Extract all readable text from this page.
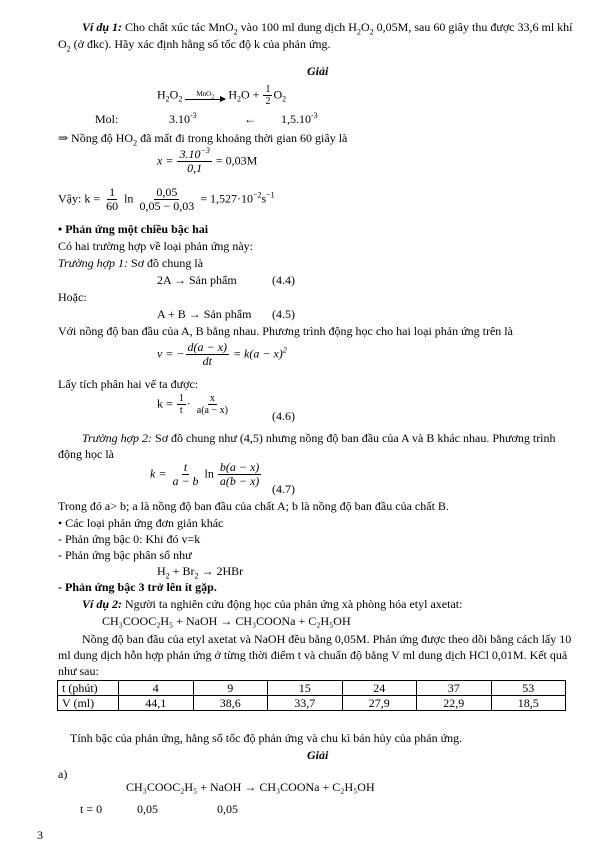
Ví dụ 1: Cho chất xúc tác MnO$_2$ vào 100 ml dung dịch $H_2O_2$ 0,05M, sau 60 giây thu được 33,6 ml khí
$O_2$ (ở đkc). Hãy xác định hằng số tốc độ k của phản ứng.
Giải
$H_2O_2$
MnO$_2$ $H_2O + \frac{1}{2} O_2$
Mol:	$3.10^{-3}$	← $1,5.10^{-3}$
⇒ Nồng độ $HO_2$ đã mất đi trong khoảng thời gian 60 giây là
$x = \frac{3.10^{-3}}{0,1} = 0,03M$
Vậy: $k = \frac{1}{60}$ $\ln \frac{0,05}{0,05 - 0,03} = 1,527\cdot 10^{-2}s^{-1}$
• Phản ứng một chiều bậc hai
Có hai trường hợp về loại phản ứng này:
Trường hợp 1: Sơ đồ chung là
2A → Sản phẩm	(4.4)
Hoặc:
A + B → Sản phẩm (4.5)
Với nồng độ ban đầu của A, B bằng nhau. Phương trình động học cho hai loại phản ứng trên là
v = − $\frac{d(a - x)}{dt} = k(a - x)^2$
Lấy tích phân hai vế ta được:
$k = \frac{1}{t} \cdot \frac{x}{a(a - x)}$	(4.6)
Trường hợp 2: Sơ đồ chung như (4,5) nhưng nồng độ ban đầu của A và B khác nhau. Phương trình
động học là
$k = \frac{t}{a - b}$ $\ln \frac{b(a - x)}{a(b - x)}$
(4.7)
Trong đó a> b; a là nồng độ ban đầu của chất A; b là nồng độ ban đầu của chất B.
• Các loại phản ứng đơn giản khác
- Phản ứng bậc 0: Khi đó v=k
- Phản ứng bậc phân số như
$H_2 + Br_2 \to 2HBr$
- Phản ứng bậc 3 trở lên ít gặp.
Ví dụ 2: Người ta nghiên cứu động học của phản ứng xà phòng hóa etyl axetat:
CH₃COOC₂H₅ + NaOH → CH₃COONa + C₂H₅OH
Nồng độ ban đầu của etyl axetat và NaOH đều bằng 0,05M. Phản ứng được theo dõi bằng cách lấy 10
ml dung dịch hỗn hợp phản ứng ở từng thời điểm t và chuẩn độ bằng V ml dung dịch HCl 0,01M. Kết quả
như sau:
t (phút)	4	9	15	24	37	53
V (ml)	44,1	38,6	33,7	27,9	22,9	18,5
Tính bậc của phản ứng, hằng số tốc độ phản ứng và chu kì bán hủy của phản ứng.
Giải
a)
CH₃COOC₂H₅ + NaOH → CH₃COONa + C₂H₅OH
t = 0	0,05	0,05
3
